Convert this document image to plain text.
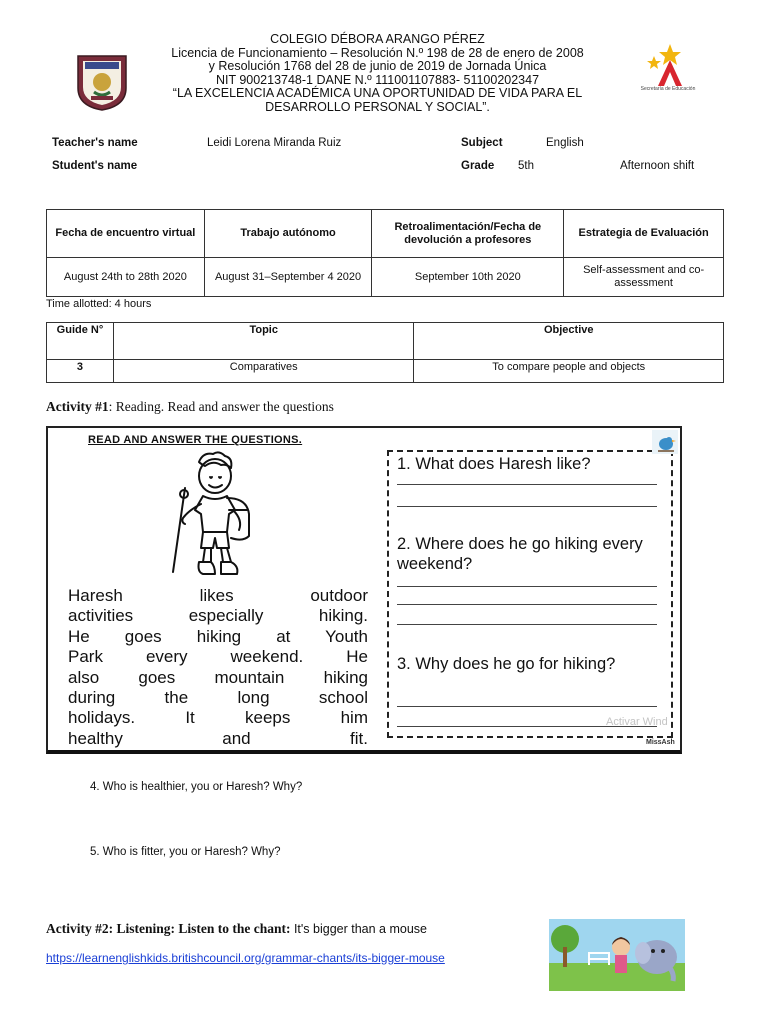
COLEGIO DÉBORA ARANGO PÉREZ
Licencia de Funcionamiento – Resolución N.º 198 de 28 de enero de 2008
y Resolución 1768 del 28 de junio de 2019 de Jornada Única
NIT 900213748-1 DANE N.º 111001107883- 51100202347
“LA EXCELENCIA ACADÉMICA UNA OPORTUNIDAD DE VIDA PARA EL
DESARROLLO PERSONAL Y SOCIAL”.
Secretaría de Educación
Teacher's name	Leidi Lorena Miranda Ruiz	Subject	English
Student's name	Grade 5th	Afternoon shift
Fecha de encuentro virtual	Trabajo autónomo	Retroalimentación/Fecha de devolución a profesores	Estrategia de Evaluación
August 24th to 28th 2020	August 31–September 4 2020	September 10th 2020	Self-assessment and co-assessment
Time allotted: 4 hours
Guide N°	Topic	Objective
3	Comparatives	To compare people and objects
Activity #1: Reading. Read and answer the questions
READ AND ANSWER THE QUESTIONS.
Haresh likes outdoor
activities especially hiking.
He goes hiking at Youth
Park every weekend. He
also goes mountain hiking
during the long school
holidays. It keeps him
healthy and fit.
1. What does Haresh like?
2. Where does he go hiking every weekend?
3. Why does he go for hiking?
Activar Wind
MissAsh
4. Who is healthier, you or Haresh? Why?
5. Who is fitter, you or Haresh? Why?
Activity #2: Listening: Listen to the chant: It's bigger than a mouse
https://learnenglishkids.britishcouncil.org/grammar-chants/its-bigger-mouse
